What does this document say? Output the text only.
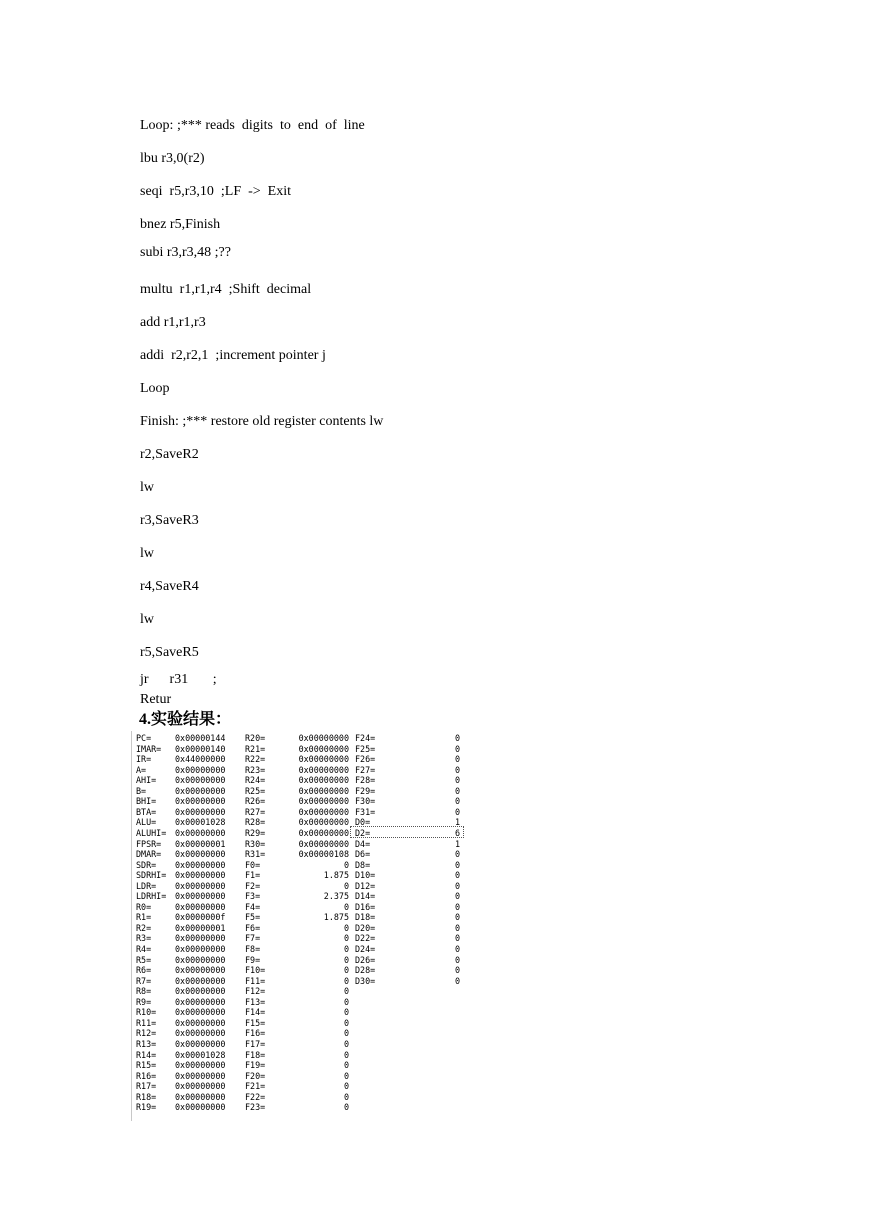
Loop: ;*** reads  digits  to  end  of  line
lbu r3,0(r2)
seqi  r5,r3,10  ;LF  ->  Exit
bnez r5,Finish
subi r3,r3,48 ;??
multu  r1,r1,r4  ;Shift  decimal
add r1,r1,r3
addi  r2,r2,1  ;increment pointer j
Loop
Finish: ;*** restore old register contents lw
r2,SaveR2
lw
r3,SaveR3
lw
r4,SaveR4
lw
r5,SaveR5
jr      r31       ;
Retur
4.实验结果：
PC=	0x00000144 R20=	0x00000000 F24=	0
IMAR= 0x00000140 R21=	0x00000000 F25=	0
IR=	0x44000000 R22=	0x00000000 F26=	0
A=	0x00000000 R23=	0x00000000 F27=	0
AHI= 0x00000000 R24=	0x00000000 F28=	0
B=	0x00000000 R25=	0x00000000 F29=	0
BHI= 0x00000000 R26=	0x00000000 F30=	0
BTA= 0x00000000 R27=	0x00000000 F31=	0
ALU= 0x00001028 R28=	0x00000000 D0=	1
ALUHI= 0x00000000 R29=	0x00000000 D2=	6
FPSR= 0x00000001 R30=	0x00000000 D4=	1
DMAR= 0x00000000 R31=	0x00000108 D6=	0
SDR= 0x00000000 F0=	0 D8=	0
SDRHI= 0x00000000 F1=	1.875 D10=	0
LDR= 0x00000000 F2=	0 D12=	0
LDRHI= 0x00000000 F3=	2.375 D14=	0
R0=	0x00000000 F4=	0 D16=	0
R1=	0x0000000f F5=	1.875 D18=	0
R2=	0x00000001 F6=	0 D20=	0
R3=	0x00000000 F7=	0 D22=	0
R4=	0x00000000 F8=	0 D24=	0
R5=	0x00000000 F9=	0 D26=	0
R6=	0x00000000 F10=	0 D28=	0
R7=	0x00000000 F11=	0 D30=	0
R8=	0x00000000 F12=	0
R9=	0x00000000 F13=	0
R10= 0x00000000 F14=	0
R11= 0x00000000 F15=	0
R12= 0x00000000 F16=	0
R13= 0x00000000 F17=	0
R14= 0x00001028 F18=	0
R15= 0x00000000 F19=	0
R16= 0x00000000 F20=	0
R17= 0x00000000 F21=	0
R18= 0x00000000 F22=	0
R19= 0x00000000 F23=	0
